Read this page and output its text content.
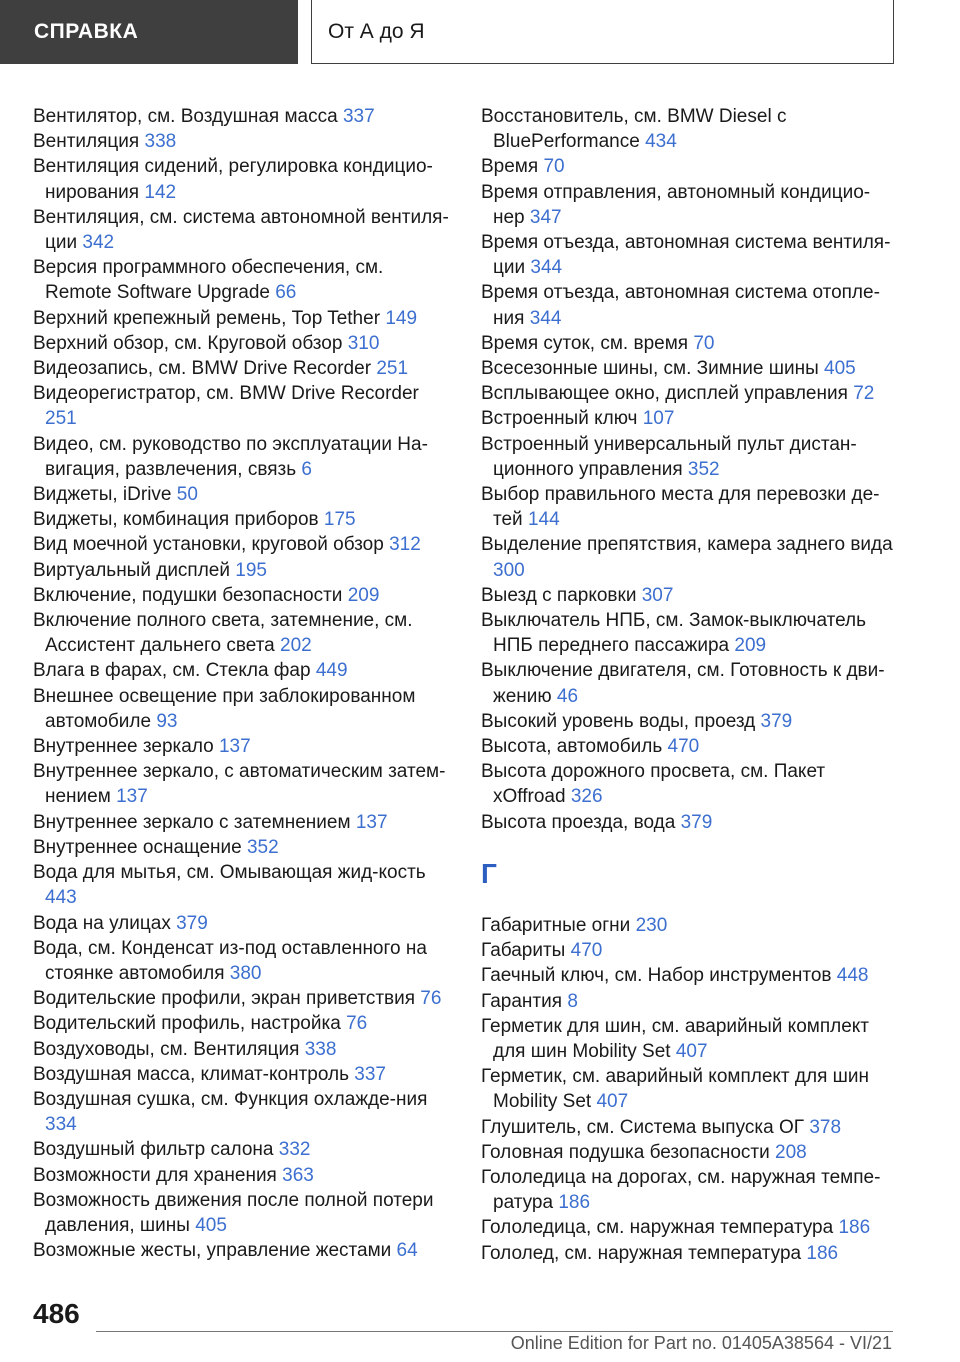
СПРАВКА	От А до Я
Вентилятор, см. Воздушная масса 337
Вентиляция 338
Вентиляция сидений, регулировка кондицио-нирования 142
Вентиляция, см. система автономной вентиля-ции 342
Версия программного обеспечения, см. Remote Software Upgrade 66
Верхний крепежный ремень, Top Tether 149
Верхний обзор, см. Круговой обзор 310
Видеозапись, см. BMW Drive Recorder 251
Видеорегистратор, см. BMW Drive Recorder 251
Видео, см. руководство по эксплуатации На-вигация, развлечения, связь 6
Виджеты, iDrive 50
Виджеты, комбинация приборов 175
Вид моечной установки, круговой обзор 312
Виртуальный дисплей 195
Включение, подушки безопасности 209
Включение полного света, затемнение, см. Ассистент дальнего света 202
Влага в фарах, см. Стекла фар 449
Внешнее освещение при заблокированном автомобиле 93
Внутреннее зеркало 137
Внутреннее зеркало, с автоматическим затем-нением 137
Внутреннее зеркало с затемнением 137
Внутреннее оснащение 352
Вода для мытья, см. Омывающая жид-кость 443
Вода на улицах 379
Вода, см. Конденсат из-под оставленного на стоянке автомобиля 380
Водительские профили, экран приветствия 76
Водительский профиль, настройка 76
Воздуховоды, см. Вентиляция 338
Воздушная масса, климат-контроль 337
Воздушная сушка, см. Функция охлажде-ния 334
Воздушный фильтр салона 332
Возможности для хранения 363
Возможность движения после полной потери давления, шины 405
Возможные жесты, управление жестами 64
Восстановитель, см. BMW Diesel с BluePerformance 434
Время 70
Время отправления, автономный кондицио-нер 347
Время отъезда, автономная система вентиля-ции 344
Время отъезда, автономная система отопле-ния 344
Время суток, см. время 70
Всесезонные шины, см. Зимние шины 405
Всплывающее окно, дисплей управления 72
Встроенный ключ 107
Встроенный универсальный пульт дистан-ционного управления 352
Выбор правильного места для перевозки де-тей 144
Выделение препятствия, камера заднего вида 300
Выезд с парковки 307
Выключатель НПБ, см. Замок-выключатель НПБ переднего пассажира 209
Выключение двигателя, см. Готовность к дви-жению 46
Высокий уровень воды, проезд 379
Высота, автомобиль 470
Высота дорожного просвета, см. Пакет xOffroad 326
Высота проезда, вода 379
Г
Габаритные огни 230
Габариты 470
Гаечный ключ, см. Набор инструментов 448
Гарантия 8
Герметик для шин, см. аварийный комплект для шин Mobility Set 407
Герметик, см. аварийный комплект для шин Mobility Set 407
Глушитель, см. Система выпуска ОГ 378
Головная подушка безопасности 208
Гололедица на дорогах, см. наружная темпе-ратура 186
Гололедица, см. наружная температура 186
Гололед, см. наружная температура 186
486
Online Edition for Part no. 01405A38564 - VI/21
